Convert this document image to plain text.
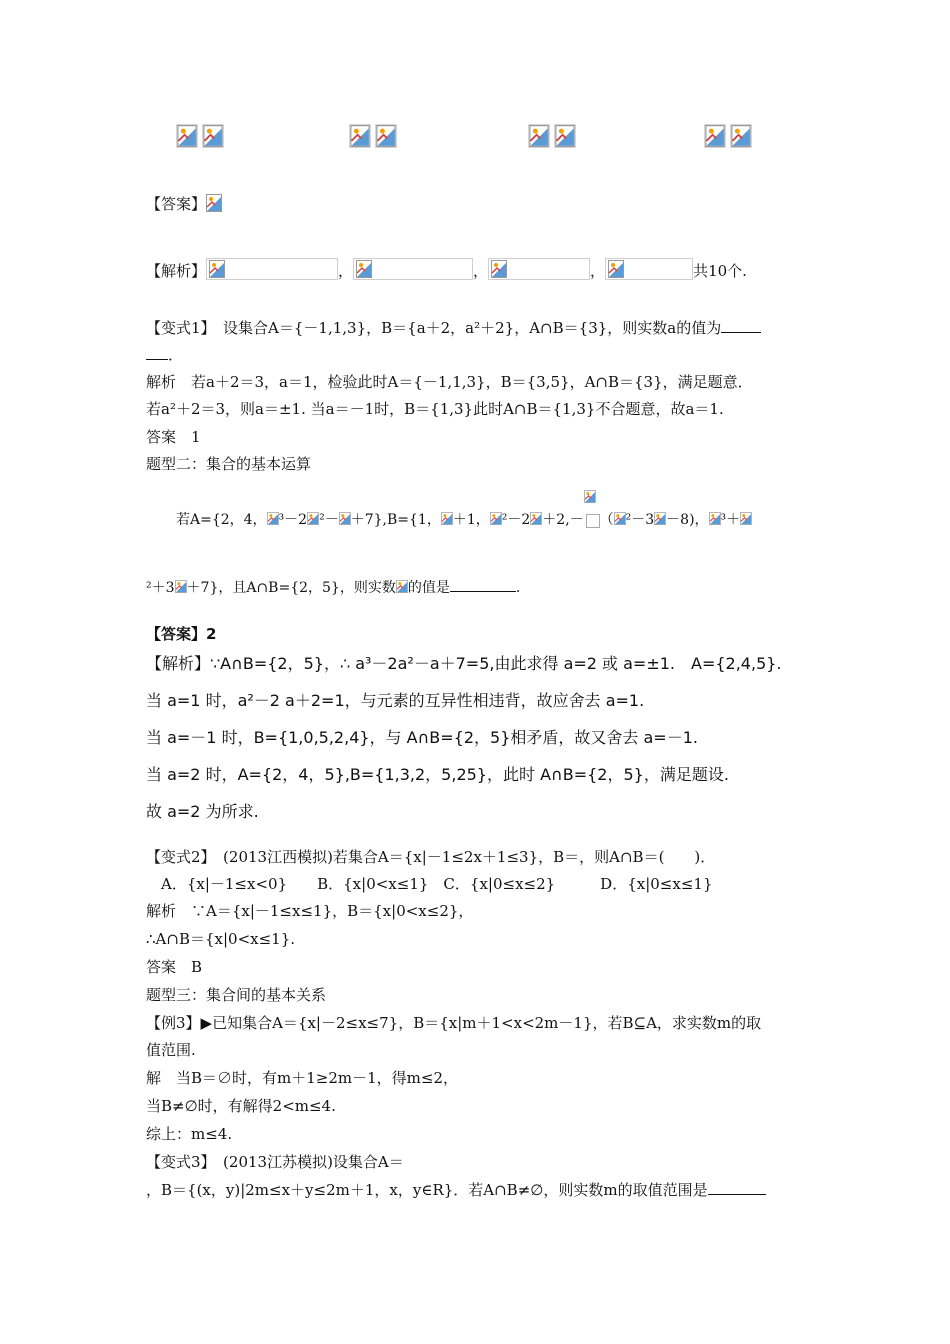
【答案】
【解析】	，	，	，	共10个.
【变式1】　设集合A＝{－1,1,3}，B＝{a＋2，a²＋2}，A∩B＝{3}，则实数a的值为
．
解析　若a＋2＝3，a＝1，检验此时A＝{－1,1,3}，B＝{3,5}，A∩B＝{3}，满足题意．
若a²＋2＝3，则a＝±1. 当a＝－1时，B＝{1,3}此时A∩B＝{1,3}不合题意，故a＝1.
答案　1
题型二：集合的基本运算
若A={2，4， ³－2 ²－ ＋7},B={1， ＋1， ²－2 ＋2,－ （ ²－3 －8)， ³＋
²＋3 ＋7}，且A∩B={2，5}，则实数 的值是	.
【答案】2
【解析】∵A∩B={2，5}，∴ a³－2a²－a＋7=5,由此求得 a=2 或 a=±1.　A={2,4,5}.
当 a=1 时，a²－2 a＋2=1，与元素的互异性相违背，故应舍去 a=1.
当 a=－1 时，B={1,0,5,2,4}，与 A∩B={2，5}相矛盾，故又舍去 a=－1.
当 a=2 时，A={2，4，5},B={1,3,2，5,25}，此时 A∩B={2，5}，满足题设.
故 a=2 为所求.
【变式2】　(2013江西模拟)若集合A＝{x|－1≤2x＋1≤3}，B＝，则A∩B＝(　　)．
　A．{x|－1≤x<0}　　B．{x|0<x≤1}　C．{x|0≤x≤2}　　　D．{x|0≤x≤1}
解析　∵A＝{x|－1≤x≤1}，B＝{x|0<x≤2}，
∴A∩B＝{x|0<x≤1}.
答案　B
题型三：集合间的基本关系
【例3】▶已知集合A＝{x|－2≤x≤7}，B＝{x|m＋1<x<2m－1}，若B⊆A，求实数m的取
值范围.
解　当B＝∅时，有m＋1≥2m－1，得m≤2，
当B≠∅时，有解得2<m≤4.
综上：m≤4.
【变式3】　(2013江苏模拟)设集合A＝
，B＝{(x，y)|2m≤x＋y≤2m＋1，x，y∈R}．若A∩B≠∅，则实数m的取值范围是
